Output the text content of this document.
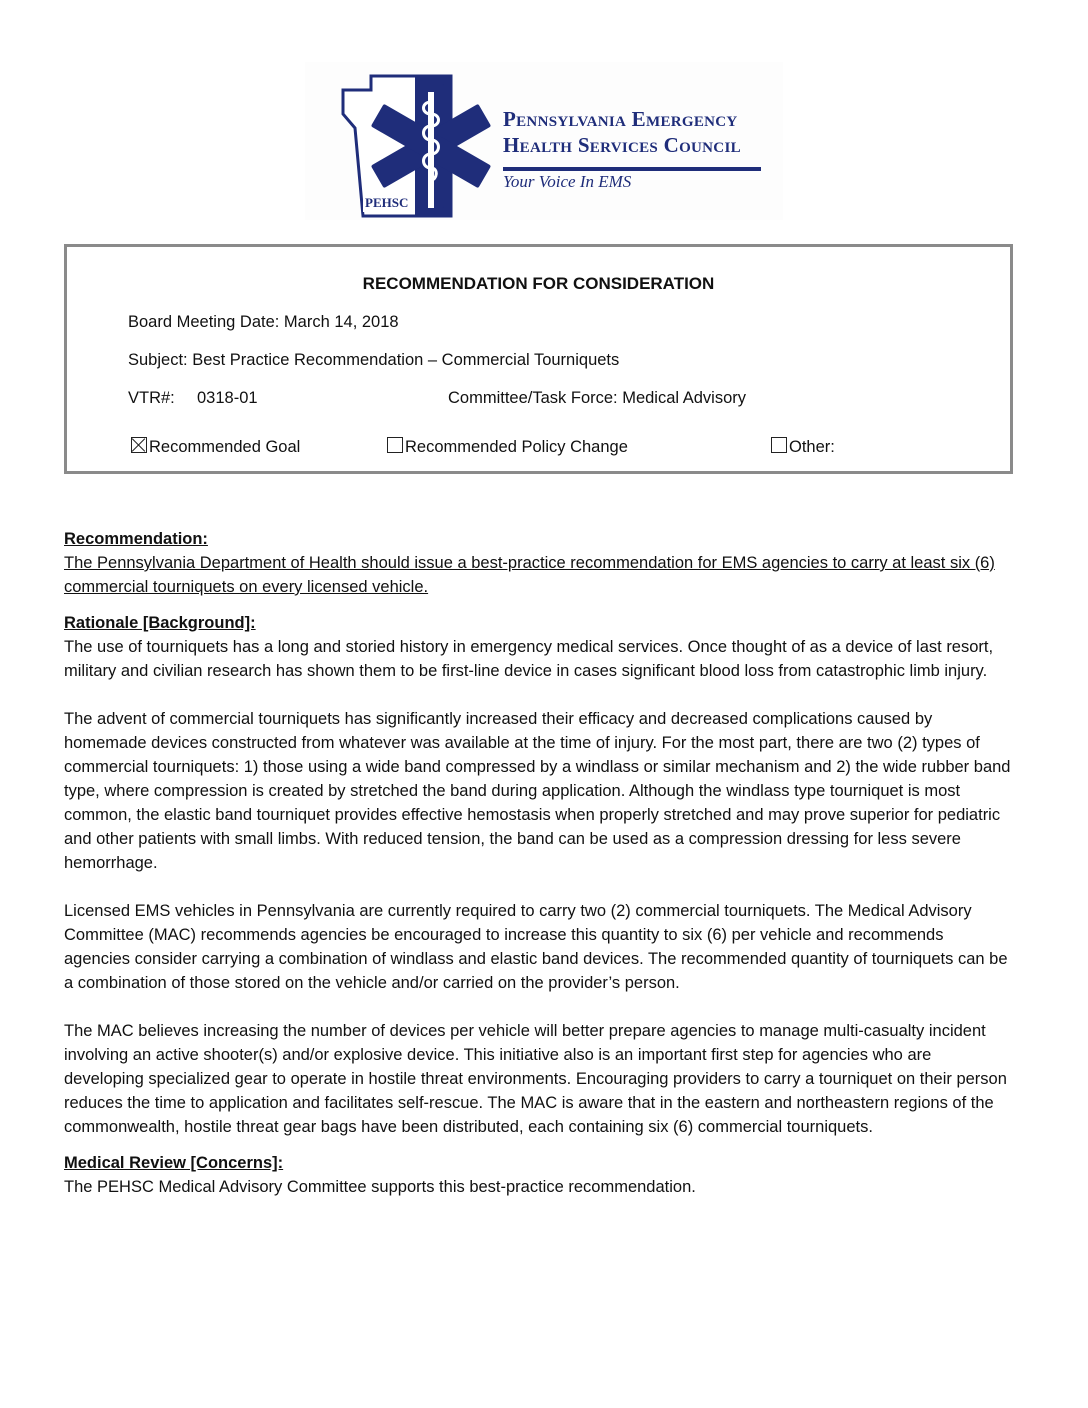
PEHSC
Pennsylvania Emergency
Health Services Council
Your Voice In EMS
RECOMMENDATION FOR CONSIDERATION
Board Meeting Date: March 14, 2018
Subject: Best Practice Recommendation – Commercial Tourniquets
VTR#: 0318-01	Committee/Task Force: Medical Advisory
Recommended Goal	Recommended Policy Change	Other:

Recommendation:

The Pennsylvania Department of Health should issue a best-practice recommendation for EMS agencies to carry at least six (6) commercial tourniquets on every licensed vehicle.

Rationale [Background]:

The use of tourniquets has a long and storied history in emergency medical services. Once thought of as a device of last resort, military and civilian research has shown them to be first-line device in cases significant blood loss from catastrophic limb injury.

The advent of commercial tourniquets has significantly increased their efficacy and decreased complications caused by homemade devices constructed from whatever was available at the time of injury. For the most part, there are two (2) types of commercial tourniquets: 1) those using a wide band compressed by a windlass or similar mechanism and 2) the wide rubber band type, where compression is created by stretched the band during application. Although the windlass type tourniquet is most common, the elastic band tourniquet provides effective hemostasis when properly stretched and may prove superior for pediatric and other patients with small limbs. With reduced tension, the band can be used as a compression dressing for less severe hemorrhage.

Licensed EMS vehicles in Pennsylvania are currently required to carry two (2) commercial tourniquets. The Medical Advisory Committee (MAC) recommends agencies be encouraged to increase this quantity to six (6) per vehicle and recommends agencies consider carrying a combination of windlass and elastic band devices. The recommended quantity of tourniquets can be a combination of those stored on the vehicle and/or carried on the provider’s person.

The MAC believes increasing the number of devices per vehicle will better prepare agencies to manage multi-casualty incident involving an active shooter(s) and/or explosive device. This initiative also is an important first step for agencies who are developing specialized gear to operate in hostile threat environments. Encouraging providers to carry a tourniquet on their person reduces the time to application and facilitates self-rescue. The MAC is aware that in the eastern and northeastern regions of the commonwealth, hostile threat gear bags have been distributed, each containing six (6) commercial tourniquets.

Medical Review [Concerns]:

The PEHSC Medical Advisory Committee supports this best-practice recommendation.
